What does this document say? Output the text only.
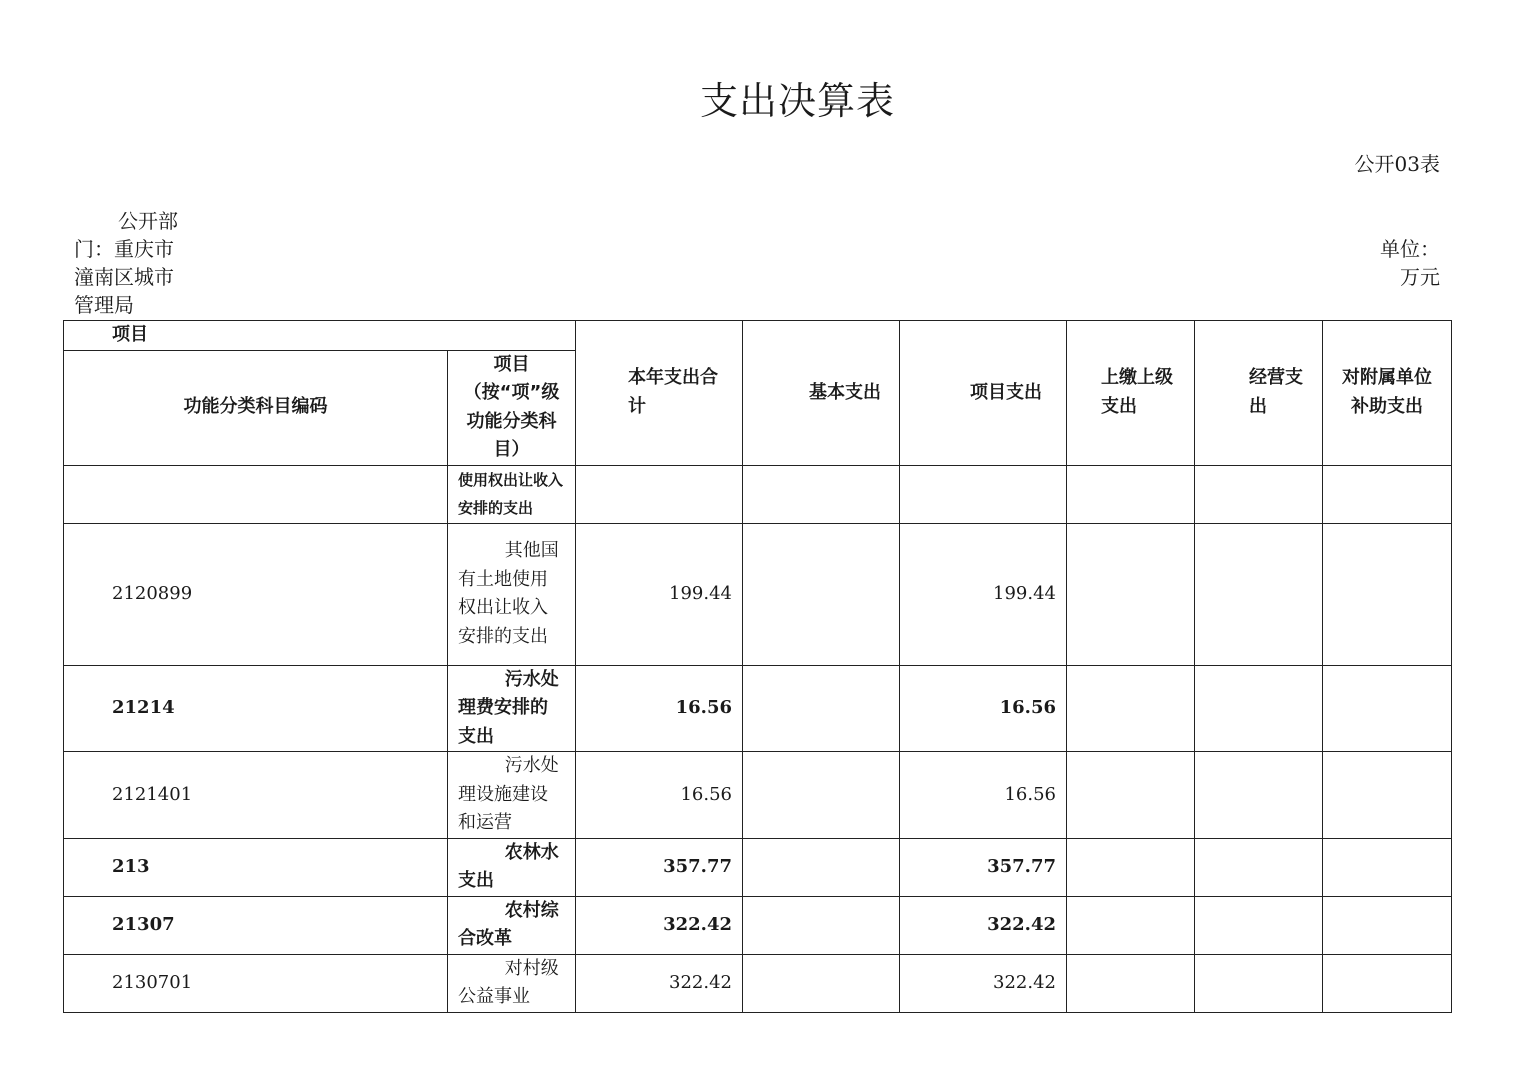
支出决算表
公开03表
公开部门：重庆市潼南区城市管理局
单位：
万元
项目		本年支出合计	基本支出	项目支出	上缴上级支出	经营支出	对附属单位补助支出
功能分类科目编码	项目（按“项”级功能分类科目）						
	使用权出让收入安排的支出						
2120899	其他国有土地使用权出让收入安排的支出	199.44		199.44			
21214	污水处理费安排的支出	16.56		16.56			
2121401	污水处理设施建设和运营	16.56		16.56			
213	农林水支出	357.77		357.77			
21307	农村综合改革	322.42		322.42			
2130701	对村级公益事业	322.42		322.42			
